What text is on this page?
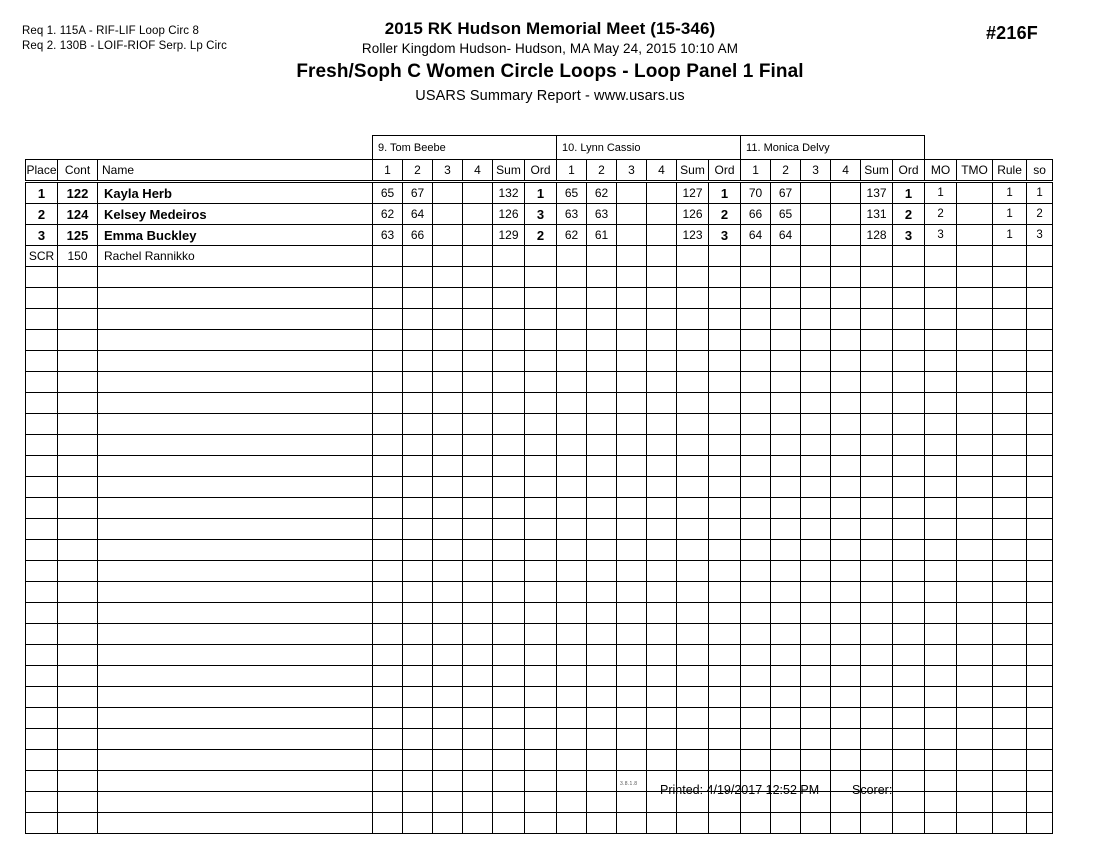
Req 1. 115A - RIF-LIF Loop Circ 8
Req 2. 130B - LOIF-RIOF Serp. Lp Circ
#216F
2015 RK Hudson Memorial Meet (15-346)
Roller Kingdom Hudson- Hudson, MA May 24, 2015 10:10 AM
Fresh/Soph C Women Circle Loops - Loop Panel 1 Final
USARS Summary Report - www.usars.us
			9. Tom Beebe						10. Lynn Cassio						11. Monica Delvy									
Place	Cont	Name	1	2	3	4	Sum	Ord	1	2	3	4	Sum	Ord	1	2	3	4	Sum	Ord	MO	TMO	Rule	so
1	122	Kayla Herb	65	67			132	1	65	62			127	1	70	67			137	1	1		1	1
2	124	Kelsey Medeiros	62	64			126	3	63	63			126	2	66	65			131	2	2		1	2
3	125	Emma Buckley	63	66			129	2	62	61			123	3	64	64			128	3	3		1	3
SCR	150	Rachel Rannikko																						

3.8.1.8 Printed: 4/19/2017 12:52 PM	Scorer:
